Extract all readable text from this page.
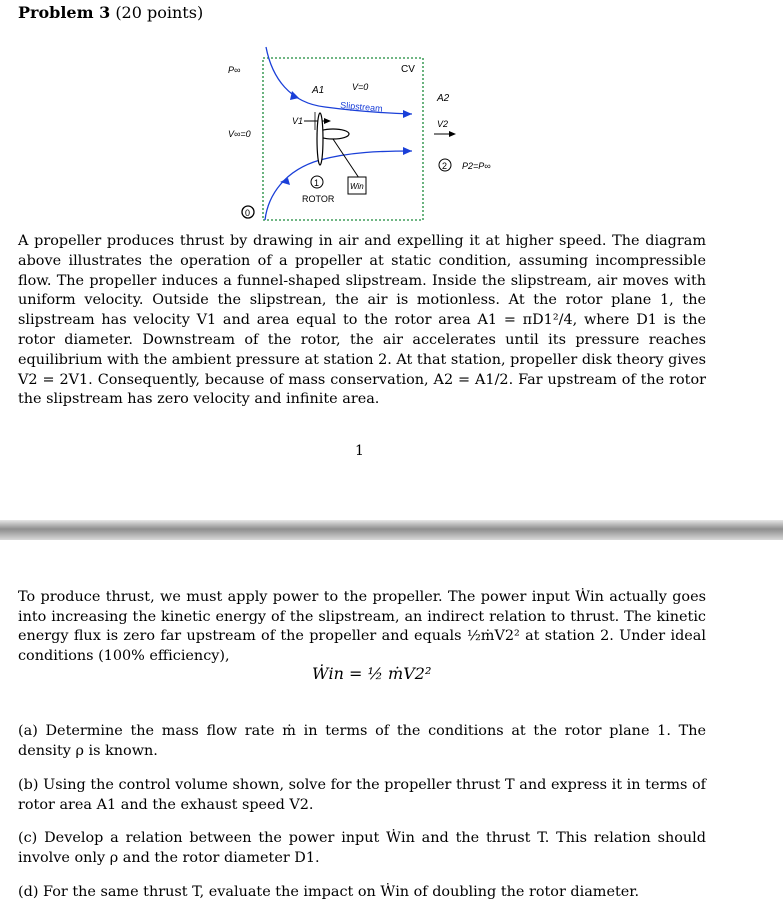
Problem 3 (20 points)
P∞
V∞=0
CV
A1	V=0
Slipstream
A2
V1	V2
1
2
0
P2=P∞
Win
ROTOR

A propeller produces thrust by drawing in air and expelling it at higher speed. The diagram above illustrates the operation of a propeller at static condition, assuming incompressible flow. The propeller induces a funnel-shaped slipstream. Inside the slipstream, air moves with uniform velocity. Outside the slipstrean, the air is motionless. At the rotor plane 1, the slipstream has velocity V1 and area equal to the rotor area A1 = πD1²/4, where D1 is the rotor diameter. Downstream of the rotor, the air accelerates until its pressure reaches equilibrium with the ambient pressure at station 2. At that station, propeller disk theory gives V2 = 2V1. Consequently, because of mass conservation, A2 = A1/2. Far upstream of the rotor the slipstream has zero velocity and infinite area.

1

To produce thrust, we must apply power to the propeller. The power input Ẇin actually goes into increasing the kinetic energy of the slipstream, an indirect relation to thrust. The kinetic energy flux is zero far upstream of the propeller and equals ½ṁV2² at station 2. Under ideal conditions (100% efficiency),

Ẇin = ½ ṁV2²

(a) Determine the mass flow rate ṁ in terms of the conditions at the rotor plane 1. The density ρ is known.

(b) Using the control volume shown, solve for the propeller thrust T and express it in terms of rotor area A1 and the exhaust speed V2.

(c) Develop a relation between the power input Ẇin and the thrust T. This relation should involve only ρ and the rotor diameter D1.

(d) For the same thrust T, evaluate the impact on Ẇin of doubling the rotor diameter.
